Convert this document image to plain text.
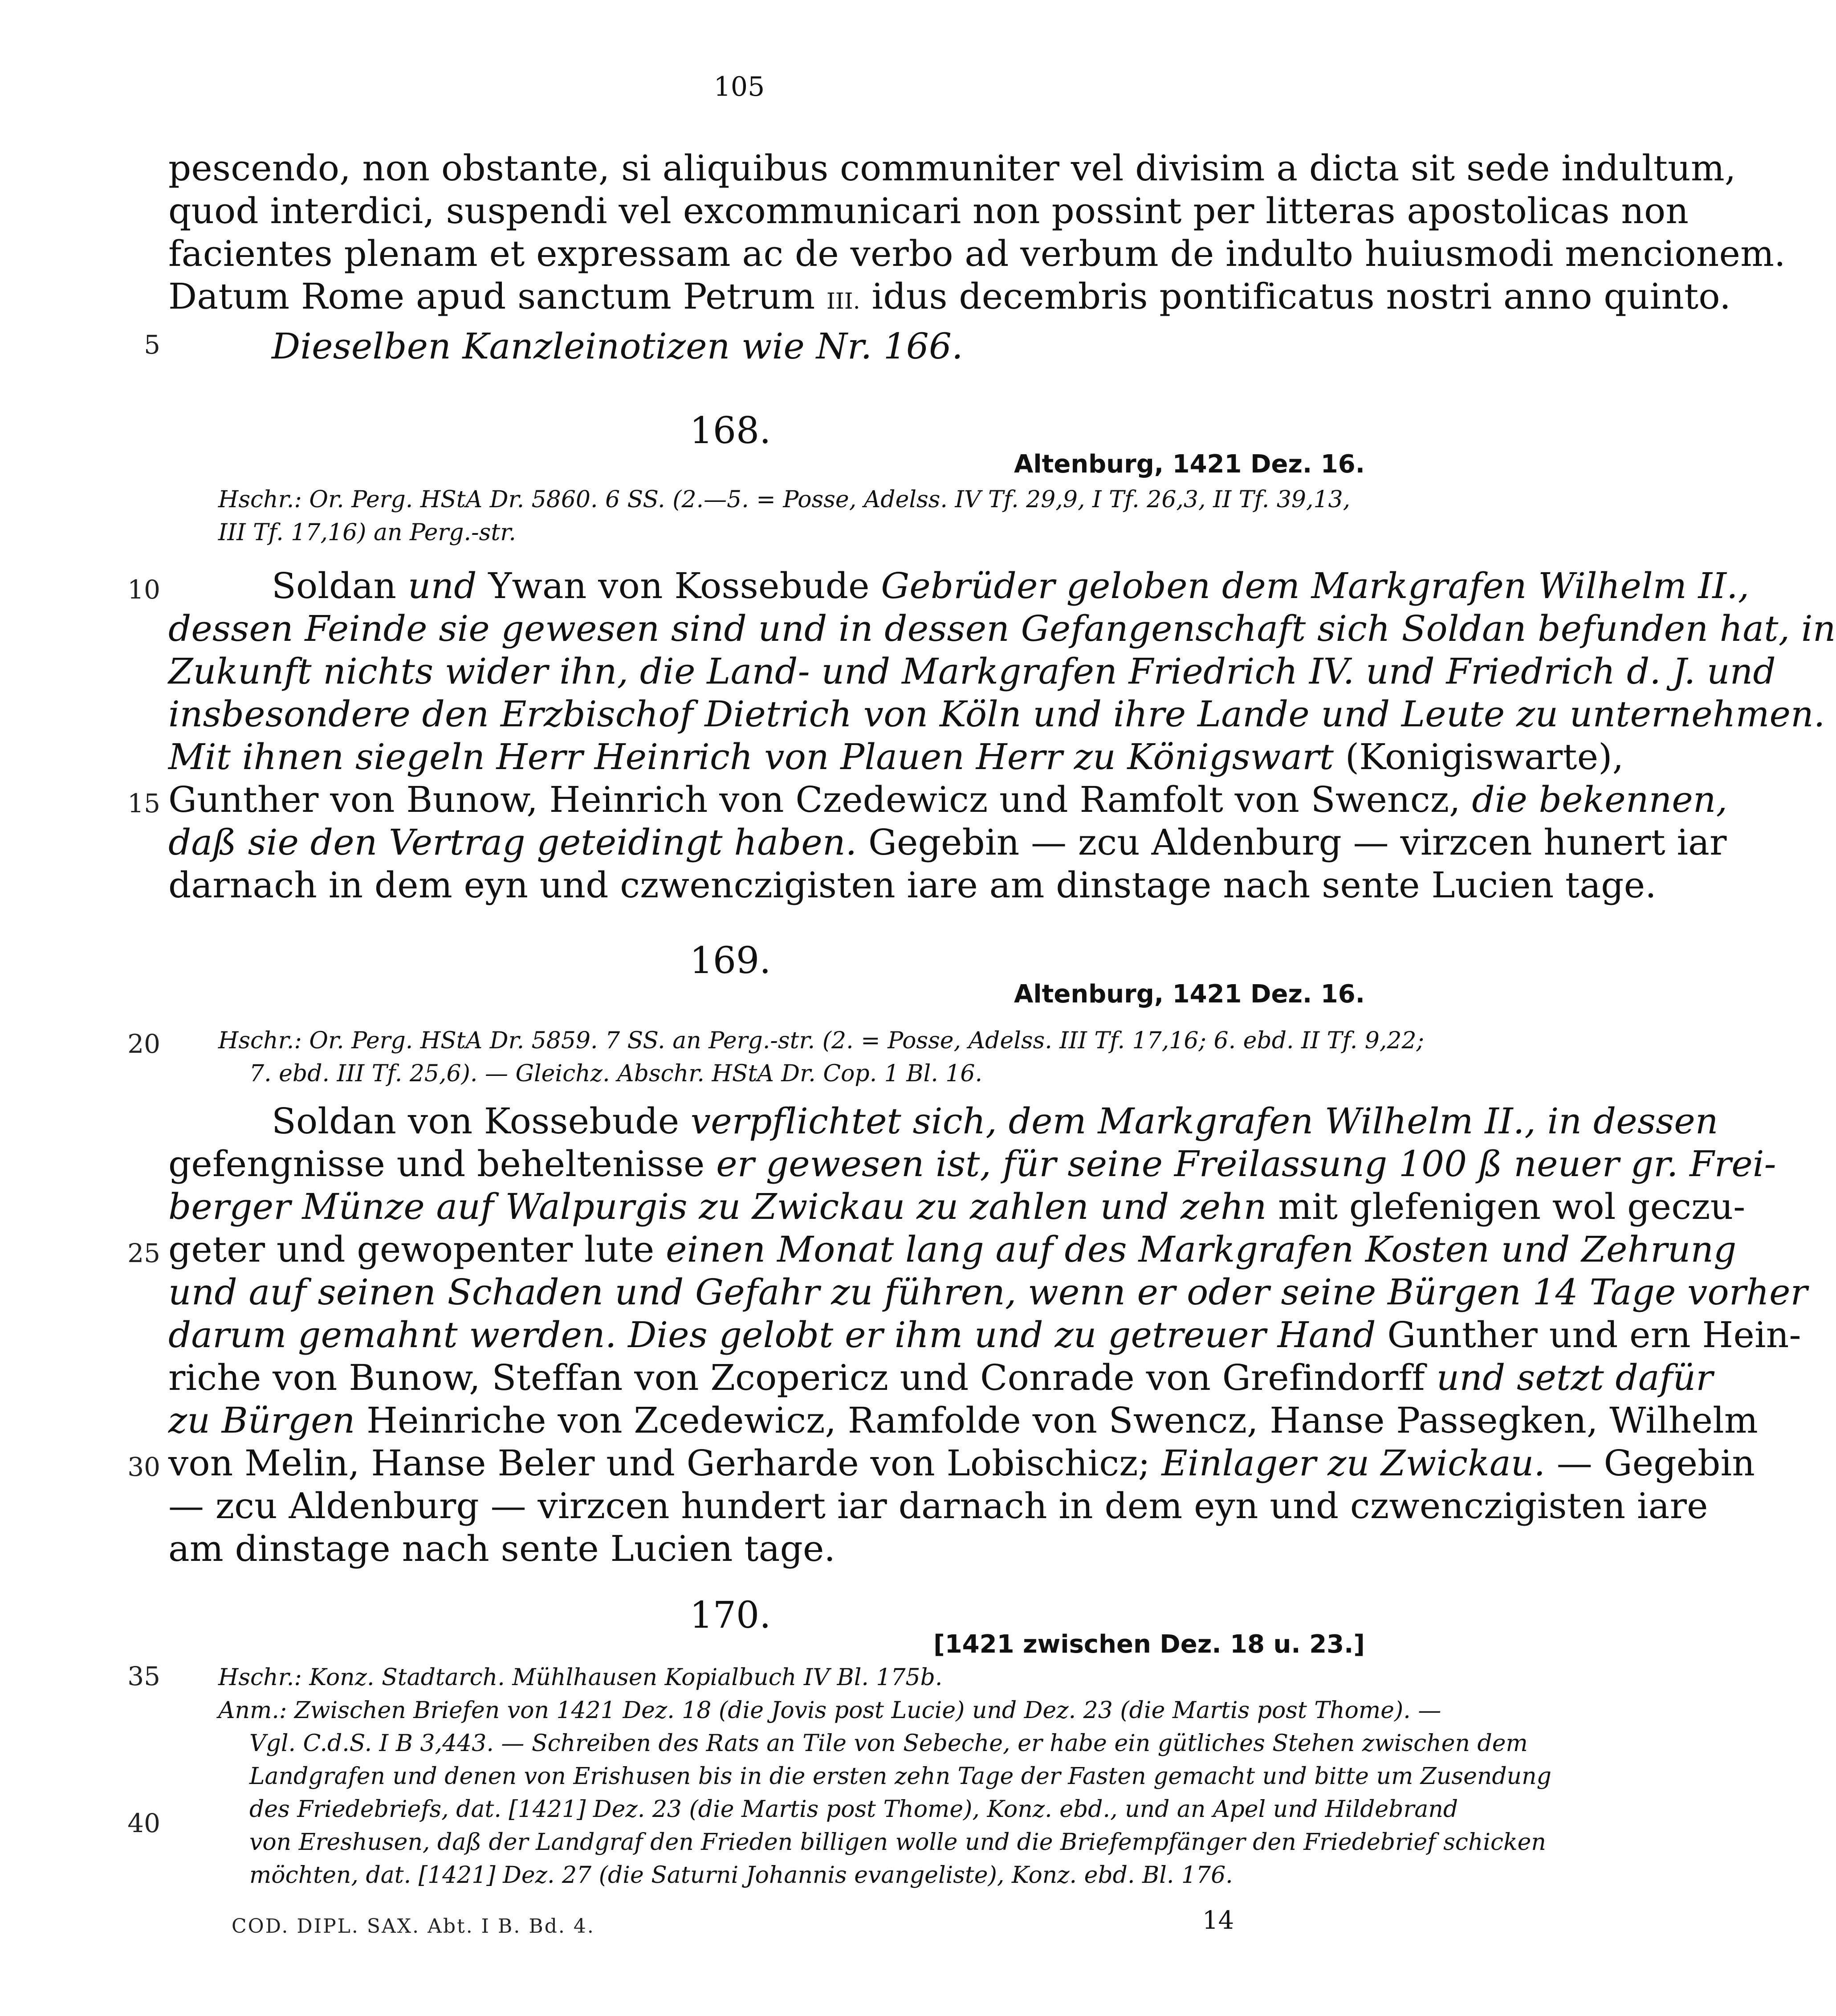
105
pescendo, non obstante, si aliquibus communiter vel divisim a dicta sit sede indultum,
quod interdici, suspendi vel excommunicari non possint per litteras apostolicas non
facientes plenam et expressam ac de verbo ad verbum de indulto huiusmodi mencionem.
Datum Rome apud sanctum Petrum III. idus decembris pontificatus nostri anno quinto.
5
10
15
20
25
30
35
40
Dieselben Kanzleinotizen wie Nr. 166.
168.
Altenburg, 1421 Dez. 16.
Hschr.: Or. Perg. HStA Dr. 5860. 6 SS. (2.—5. = Posse, Adelss. IV Tf. 29,9, I Tf. 26,3, II Tf. 39,13,
III Tf. 17,16) an Perg.-str.
Soldan und Ywan von Kossebude Gebrüder geloben dem Markgrafen Wilhelm II.,
dessen Feinde sie gewesen sind und in dessen Gefangenschaft sich Soldan befunden hat, in
Zukunft nichts wider ihn, die Land- und Markgrafen Friedrich IV. und Friedrich d. J. und
insbesondere den Erzbischof Dietrich von Köln und ihre Lande und Leute zu unternehmen.
Mit ihnen siegeln Herr Heinrich von Plauen Herr zu Königswart (Konigiswarte),
Gunther von Bunow, Heinrich von Czedewicz und Ramfolt von Swencz, die bekennen,
daß sie den Vertrag geteidingt haben. Gegebin — zcu Aldenburg — virzcen hunert iar
darnach in dem eyn und czwenczigisten iare am dinstage nach sente Lucien tage.
169.
Altenburg, 1421 Dez. 16.
Hschr.: Or. Perg. HStA Dr. 5859. 7 SS. an Perg.-str. (2. = Posse, Adelss. III Tf. 17,16; 6. ebd. II Tf. 9,22;
7. ebd. III Tf. 25,6). — Gleichz. Abschr. HStA Dr. Cop. 1 Bl. 16.
Soldan von Kossebude verpflichtet sich, dem Markgrafen Wilhelm II., in dessen
gefengnisse und beheltenisse er gewesen ist, für seine Freilassung 100 ß neuer gr. Frei-
berger Münze auf Walpurgis zu Zwickau zu zahlen und zehn mit glefenigen wol geczu-
geter und gewopenter lute einen Monat lang auf des Markgrafen Kosten und Zehrung
und auf seinen Schaden und Gefahr zu führen, wenn er oder seine Bürgen 14 Tage vorher
darum gemahnt werden. Dies gelobt er ihm und zu getreuer Hand Gunther und ern Hein-
riche von Bunow, Steffan von Zcopericz und Conrade von Grefindorff und setzt dafür
zu Bürgen Heinriche von Zcedewicz, Ramfolde von Swencz, Hanse Passegken, Wilhelm
von Melin, Hanse Beler und Gerharde von Lobischicz; Einlager zu Zwickau. — Gegebin
— zcu Aldenburg — virzcen hundert iar darnach in dem eyn und czwenczigisten iare
am dinstage nach sente Lucien tage.
170.
[1421 zwischen Dez. 18 u. 23.]
Hschr.: Konz. Stadtarch. Mühlhausen Kopialbuch IV Bl. 175b.
Anm.: Zwischen Briefen von 1421 Dez. 18 (die Jovis post Lucie) und Dez. 23 (die Martis post Thome). —
Vgl. C.d.S. I B 3,443. — Schreiben des Rats an Tile von Sebeche, er habe ein gütliches Stehen zwischen dem
Landgrafen und denen von Erishusen bis in die ersten zehn Tage der Fasten gemacht und bitte um Zusendung
des Friedebriefs, dat. [1421] Dez. 23 (die Martis post Thome), Konz. ebd., und an Apel und Hildebrand
von Ereshusen, daß der Landgraf den Frieden billigen wolle und die Briefempfänger den Friedebrief schicken
möchten, dat. [1421] Dez. 27 (die Saturni Johannis evangeliste), Konz. ebd. Bl. 176.
COD. DIPL. SAX. Abt. I B. Bd. 4.	14
